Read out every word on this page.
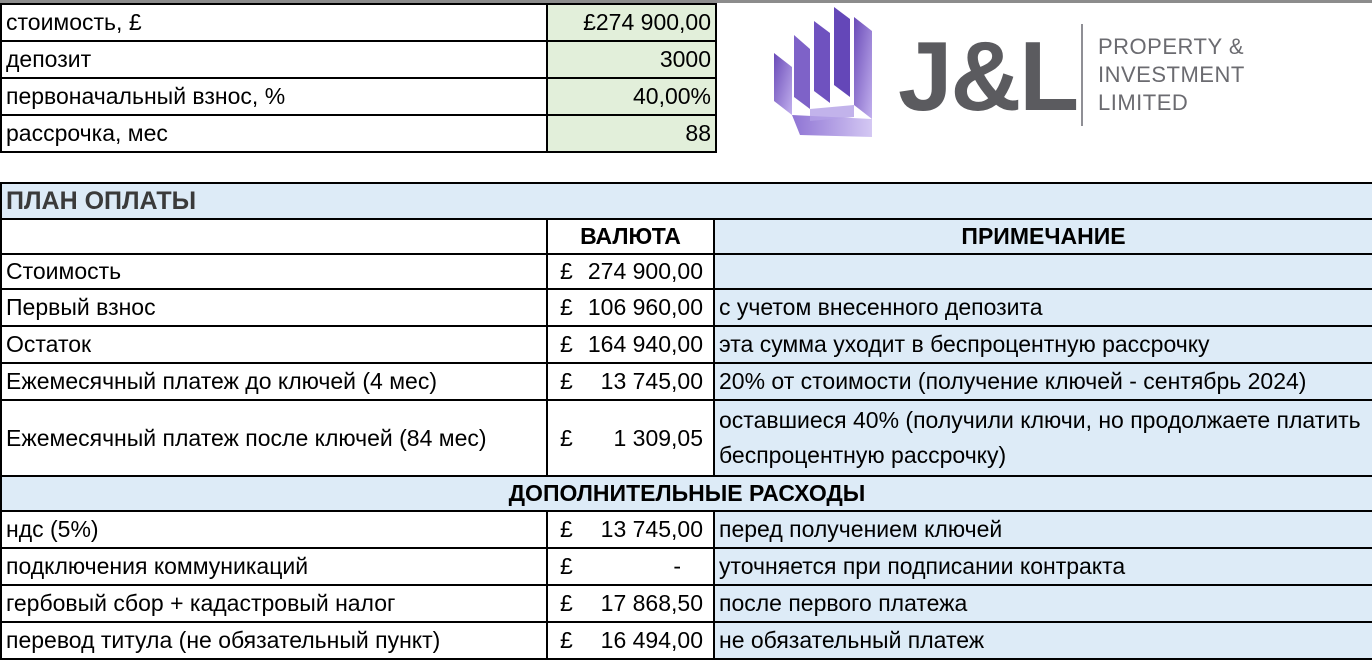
стоимость, £	£274 900,00
депозит	3000
первоначальный взнос, %	40,00%
рассрочка, мес	88
J&L PROPERTY &
INVESTMENT
LIMITED
ПЛАН ОПЛАТЫ		
	ВАЛЮТА	ПРИМЕЧАНИЕ
Стоимость	£ 274 900,00	

Первый взнос	£ 106 960,00	с учетом внесенного депозита
Остаток	£ 164 940,00	эта сумма уходит в беспроцентную рассрочку
Ежемесячный платеж до ключей (4 мес)	£ 13 745,00	20% от стоимости (получение ключей - сентябрь 2024)
Ежемесячный платеж после ключей (84 мес)	£ 1 309,05	оставшиеся 40% (получили ключи, но продолжаете платить беспроцентную рассрочку)
ДОПОЛНИТЕЛЬНЫЕ РАСХОДЫ		
ндс (5%)	£ 13 745,00	перед получением ключей
подключения коммуникаций	£ -	уточняется при подписании контракта
гербовый сбор + кадастровый налог	£ 17 868,50	после первого платежа
перевод титула (не обязательный пункт)	£ 16 494,00	не обязательный платеж
